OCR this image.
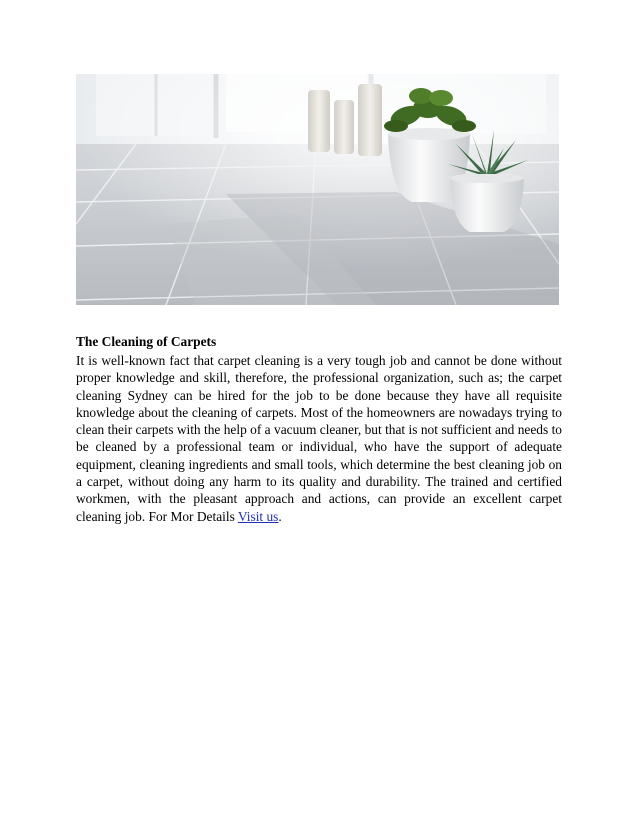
The Cleaning of Carpets

It is well-known fact that carpet cleaning is a very tough job and cannot be done without proper knowledge and skill, therefore, the professional organization, such as; the carpet cleaning Sydney can be hired for the job to be done because they have all requisite knowledge about the cleaning of carpets. Most of the homeowners are nowadays trying to clean their carpets with the help of a vacuum cleaner, but that is not sufficient and needs to be cleaned by a professional team or individual, who have the support of adequate equipment, cleaning ingredients and small tools, which determine the best cleaning job on a carpet, without doing any harm to its quality and durability. The trained and certified workmen, with the pleasant approach and actions, can provide an excellent carpet cleaning job. For Mor Details Visit us.
